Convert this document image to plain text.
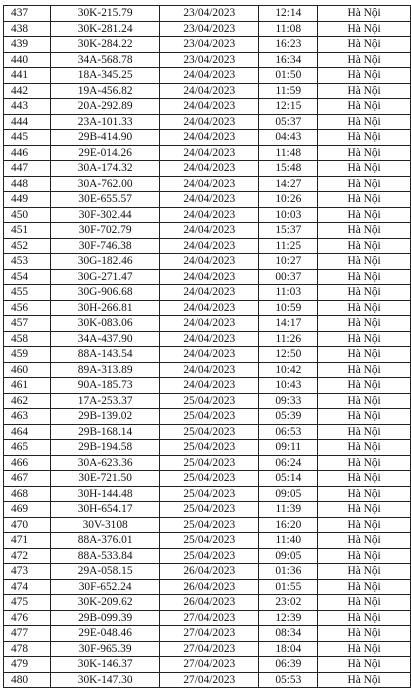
437	30K-215.79	23/04/2023	12:14	Hà Nội
438	30K-281.24	23/04/2023	11:08	Hà Nội
439	30K-284.22	23/04/2023	16:23	Hà Nội
440	34A-568.78	23/04/2023	16:34	Hà Nội
441	18A-345.25	24/04/2023	01:50	Hà Nội
442	19A-456.82	24/04/2023	11:59	Hà Nội
443	20A-292.89	24/04/2023	12:15	Hà Nội
444	23A-101.33	24/04/2023	05:37	Hà Nội
445	29B-414.90	24/04/2023	04:43	Hà Nội
446	29E-014.26	24/04/2023	11:48	Hà Nội
447	30A-174.32	24/04/2023	15:48	Hà Nội
448	30A-762.00	24/04/2023	14:27	Hà Nội
449	30E-655.57	24/04/2023	10:26	Hà Nội
450	30F-302.44	24/04/2023	10:03	Hà Nội
451	30F-702.79	24/04/2023	15:37	Hà Nội
452	30F-746.38	24/04/2023	11:25	Hà Nội
453	30G-182.46	24/04/2023	10:27	Hà Nội
454	30G-271.47	24/04/2023	00:37	Hà Nội
455	30G-906.68	24/04/2023	11:03	Hà Nội
456	30H-266.81	24/04/2023	10:59	Hà Nội
457	30K-083.06	24/04/2023	14:17	Hà Nội
458	34A-437.90	24/04/2023	11:26	Hà Nội
459	88A-143.54	24/04/2023	12:50	Hà Nội
460	89A-313.89	24/04/2023	10:42	Hà Nội
461	90A-185.73	24/04/2023	10:43	Hà Nội
462	17A-253.37	25/04/2023	09:33	Hà Nội
463	29B-139.02	25/04/2023	05:39	Hà Nội
464	29B-168.14	25/04/2023	06:53	Hà Nội
465	29B-194.58	25/04/2023	09:11	Hà Nội
466	30A-623.36	25/04/2023	06:24	Hà Nội
467	30E-721.50	25/04/2023	05:14	Hà Nội
468	30H-144.48	25/04/2023	09:05	Hà Nội
469	30H-654.17	25/04/2023	11:39	Hà Nội
470	30V-3108	25/04/2023	16:20	Hà Nội
471	88A-376.01	25/04/2023	11:40	Hà Nội
472	88A-533.84	25/04/2023	09:05	Hà Nội
473	29A-058.15	26/04/2023	01:36	Hà Nội
474	30F-652.24	26/04/2023	01:55	Hà Nội
475	30K-209.62	26/04/2023	23:02	Hà Nội
476	29B-099.39	27/04/2023	12:39	Hà Nội
477	29E-048.46	27/04/2023	08:34	Hà Nội
478	30F-965.39	27/04/2023	18:04	Hà Nội
479	30K-146.37	27/04/2023	06:39	Hà Nội
480	30K-147.30	27/04/2023	05:53	Hà Nội
